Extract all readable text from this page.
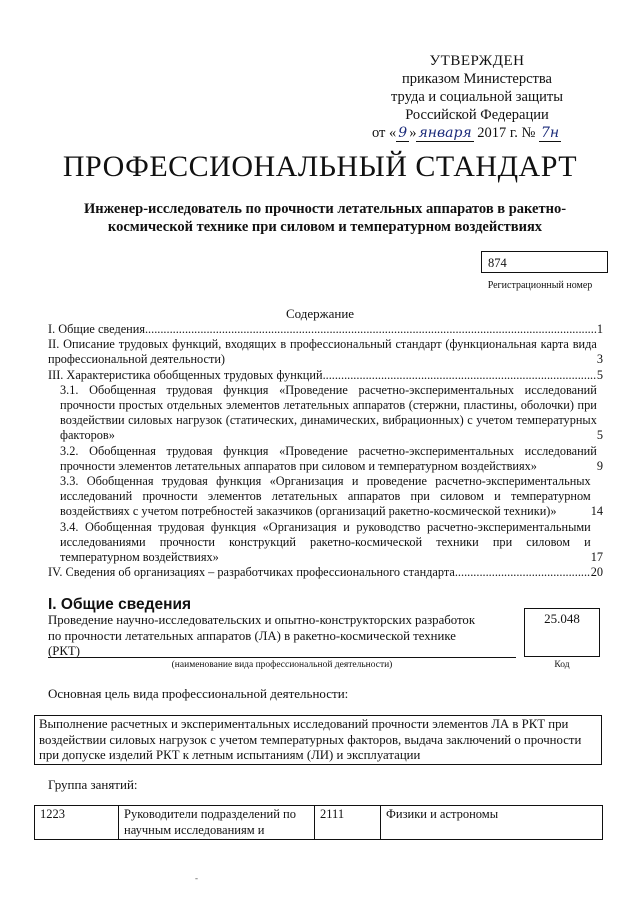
УТВЕРЖДЕН
приказом Министерства
труда и социальной защиты
Российской Федерации
от « 9 » января 2017 г. № 7н
ПРОФЕССИОНАЛЬНЫЙ СТАНДАРТ
Инженер-исследователь по прочности летательных аппаратов в ракетно-космической технике при силовом и температурном воздействиях
874
Регистрационный номер
Содержание
I. Общие сведения .....	1
II. Описание трудовых функций, входящих в профессиональный стандарт (функциональная карта вида профессиональной деятельности)	3
III. Характеристика обобщенных трудовых функций .....	5
3.1. Обобщенная трудовая функция «Проведение расчетно-экспериментальных исследований прочности простых отдельных элементов летательных аппаратов (стержни, пластины, оболочки) при воздействии силовых нагрузок (статических, динамических, вибрационных) с учетом температурных факторов»	5
3.2. Обобщенная трудовая функция «Проведение расчетно-экспериментальных исследований прочности элементов летательных аппаратов при силовом и температурном воздействиях»	9
3.3. Обобщенная трудовая функция «Организация и проведение расчетно-экспериментальных исследований прочности элементов летательных аппаратов при силовом и температурном воздействиях с учетом потребностей заказчиков (организаций ракетно-космической техники)»	14
3.4. Обобщенная трудовая функция «Организация и руководство расчетно-экспериментальными исследованиями прочности конструкций ракетно-космической техники при силовом и температурном воздействиях»	17
IV. Сведения об организациях – разработчиках профессионального стандарта .....	20
I. Общие сведения
Проведение научно-исследовательских и опытно-конструкторских разработок по прочности летательных аппаратов (ЛА) в ракетно-космической технике (РКТ)
25.048
(наименование вида профессиональной деятельности)	Код
Основная цель вида профессиональной деятельности:
Выполнение расчетных и экспериментальных исследований прочности элементов ЛА в РКТ при воздействии силовых нагрузок с учетом температурных факторов, выдача заключений о прочности при допуске изделий РКТ к летным испытаниям (ЛИ) и эксплуатации
Группа занятий:
1223	Руководители подразделений по научным исследованиям и	2111	Физики и астрономы
-
